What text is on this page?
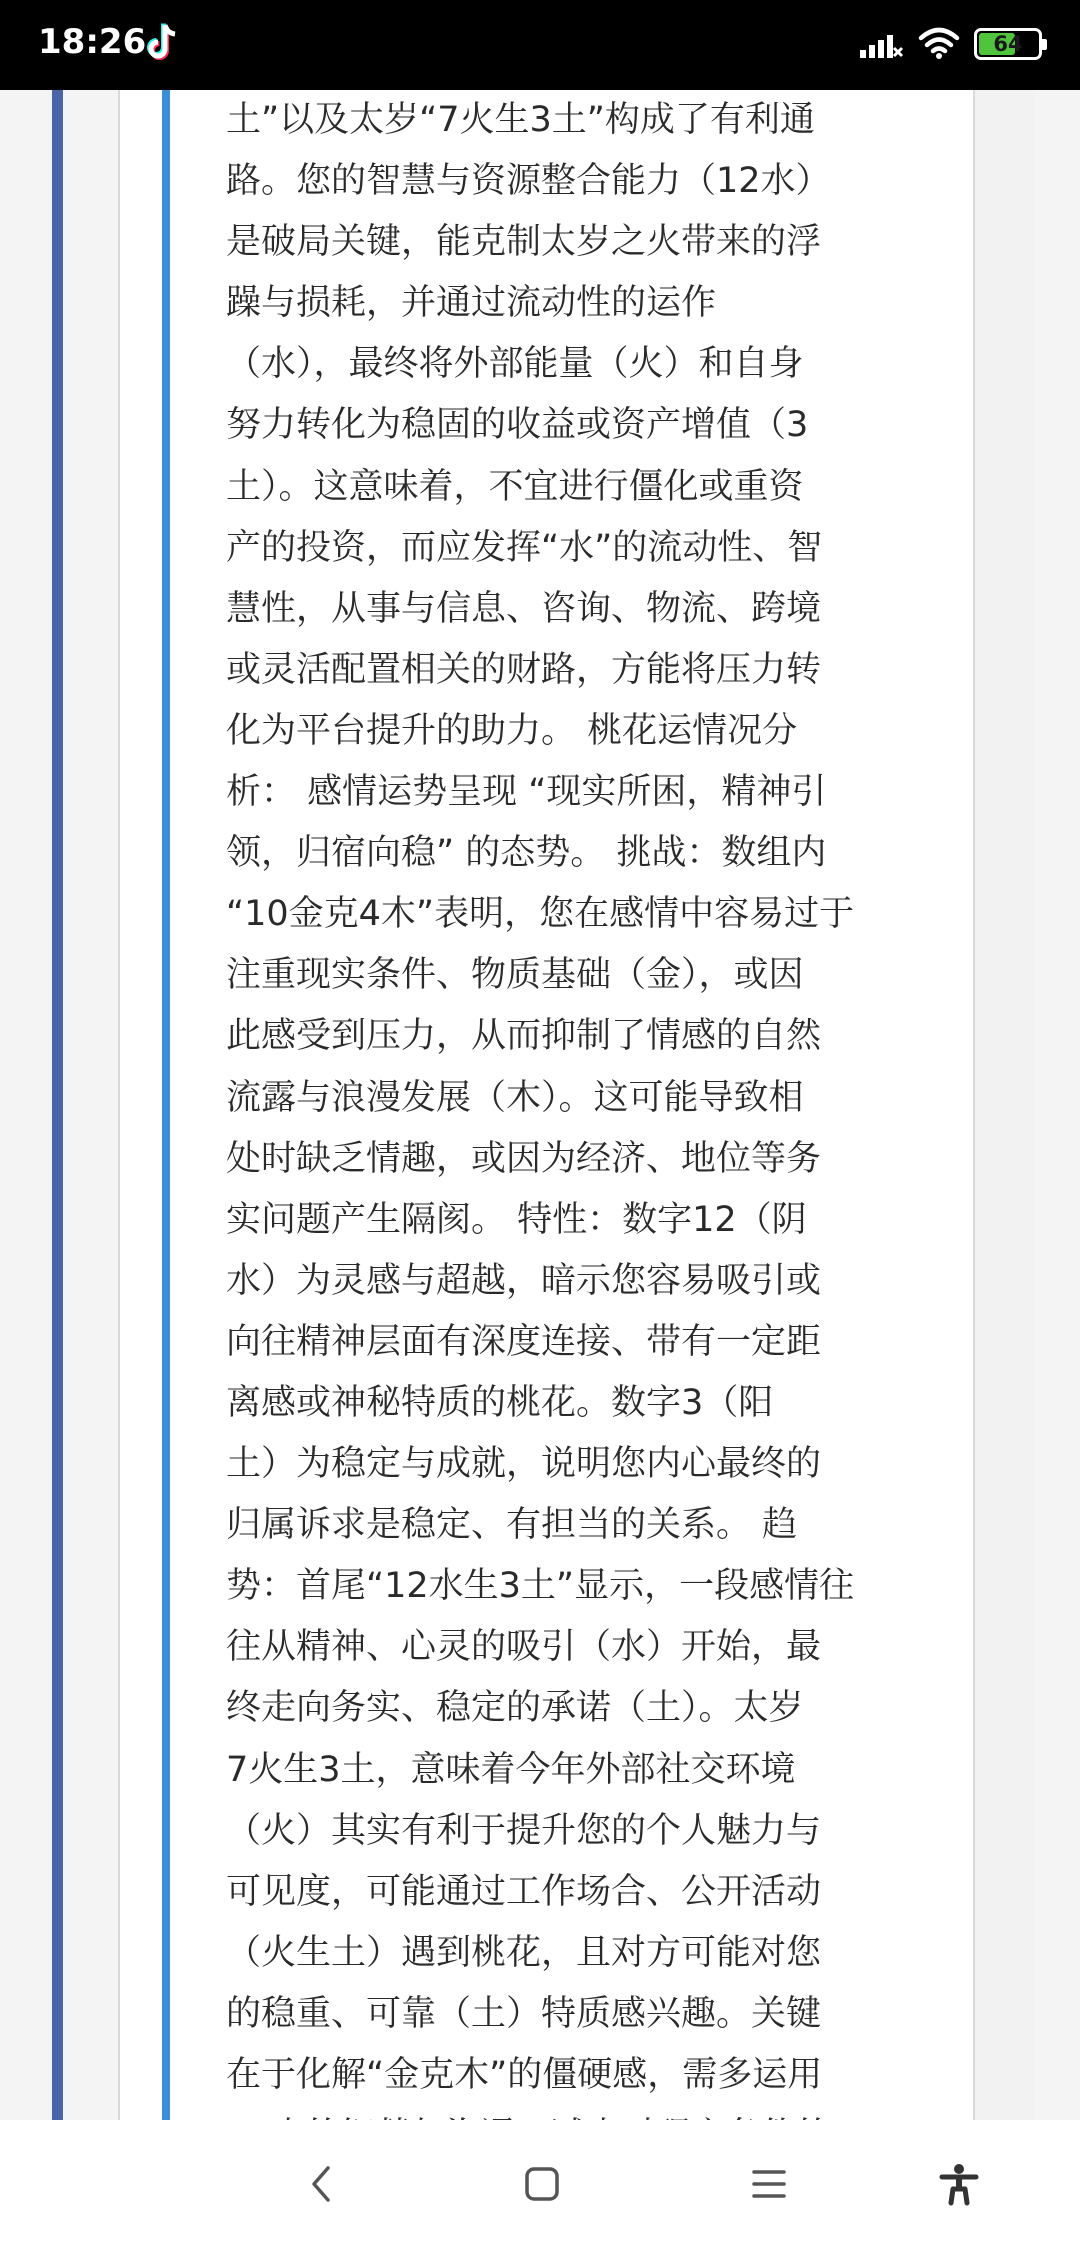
18:26	64
土”以及太岁“7火生3土”构成了有利通
路。您的智慧与资源整合能力（12水）
是破局关键，能克制太岁之火带来的浮
躁与损耗，并通过流动性的运作
（水），最终将外部能量（火）和自身
努力转化为稳固的收益或资产增值（3
土）。这意味着，不宜进行僵化或重资
产的投资，而应发挥“水”的流动性、智
慧性，从事与信息、咨询、物流、跨境
或灵活配置相关的财路，方能将压力转
化为平台提升的助力。 桃花运情况分
析： 感情运势呈现 “现实所困，精神引
领，归宿向稳” 的态势。 挑战：数组内
“10金克4木”表明，您在感情中容易过于
注重现实条件、物质基础（金），或因
此感受到压力，从而抑制了情感的自然
流露与浪漫发展（木）。这可能导致相
处时缺乏情趣，或因为经济、地位等务
实问题产生隔阂。 特性：数字12（阴
水）为灵感与超越，暗示您容易吸引或
向往精神层面有深度连接、带有一定距
离感或神秘特质的桃花。数字3（阳
土）为稳定与成就，说明您内心最终的
归属诉求是稳定、有担当的关系。 趋
势：首尾“12水生3土”显示，一段感情往
往从精神、心灵的吸引（水）开始，最
终走向务实、稳定的承诺（土）。太岁
7火生3土，意味着今年外部社交环境
（火）其实有利于提升您的个人魅力与
可见度，可能通过工作场合、公开活动
（火生土）遇到桃花，且对方可能对您
的稳重、可靠（土）特质感兴趣。关键
在于化解“金克木”的僵硬感，需多运用
